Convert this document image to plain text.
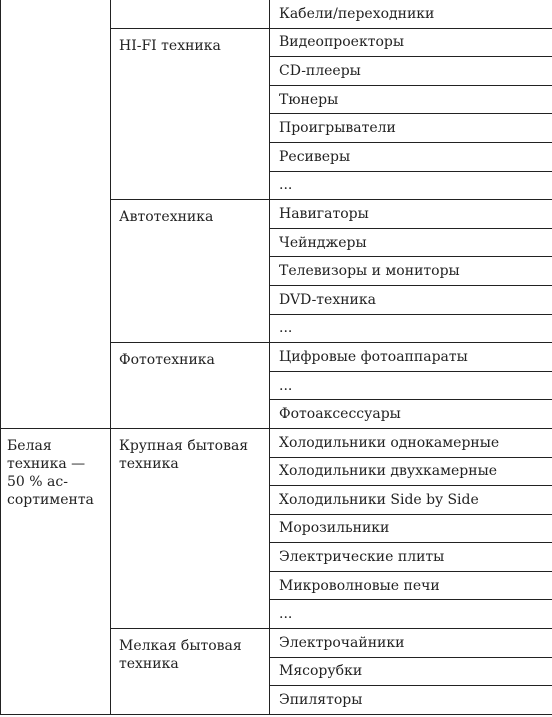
		Кабели/переходники
	HI-FI техника	Видеопроекторы
		CD-плееры
		Тюнеры
		Проигрыватели
		Ресиверы
		...
	Автотехника	Навигаторы
		Чейнджеры
		Телевизоры и мониторы
		DVD-техника
		...
	Фототехника	Цифровые фотоаппараты
		...
		Фотоаксессуары
Белая техника — 50 % ассортимента	Крупная бытовая техника	Холодильники однокамерные
		Холодильники двухкамерные
		Холодильники Side by Side
		Морозильники
		Электрические плиты
		Микроволновые печи
		...
	Мелкая бытовая техника	Электрочайники
		Мясорубки
		Эпиляторы
